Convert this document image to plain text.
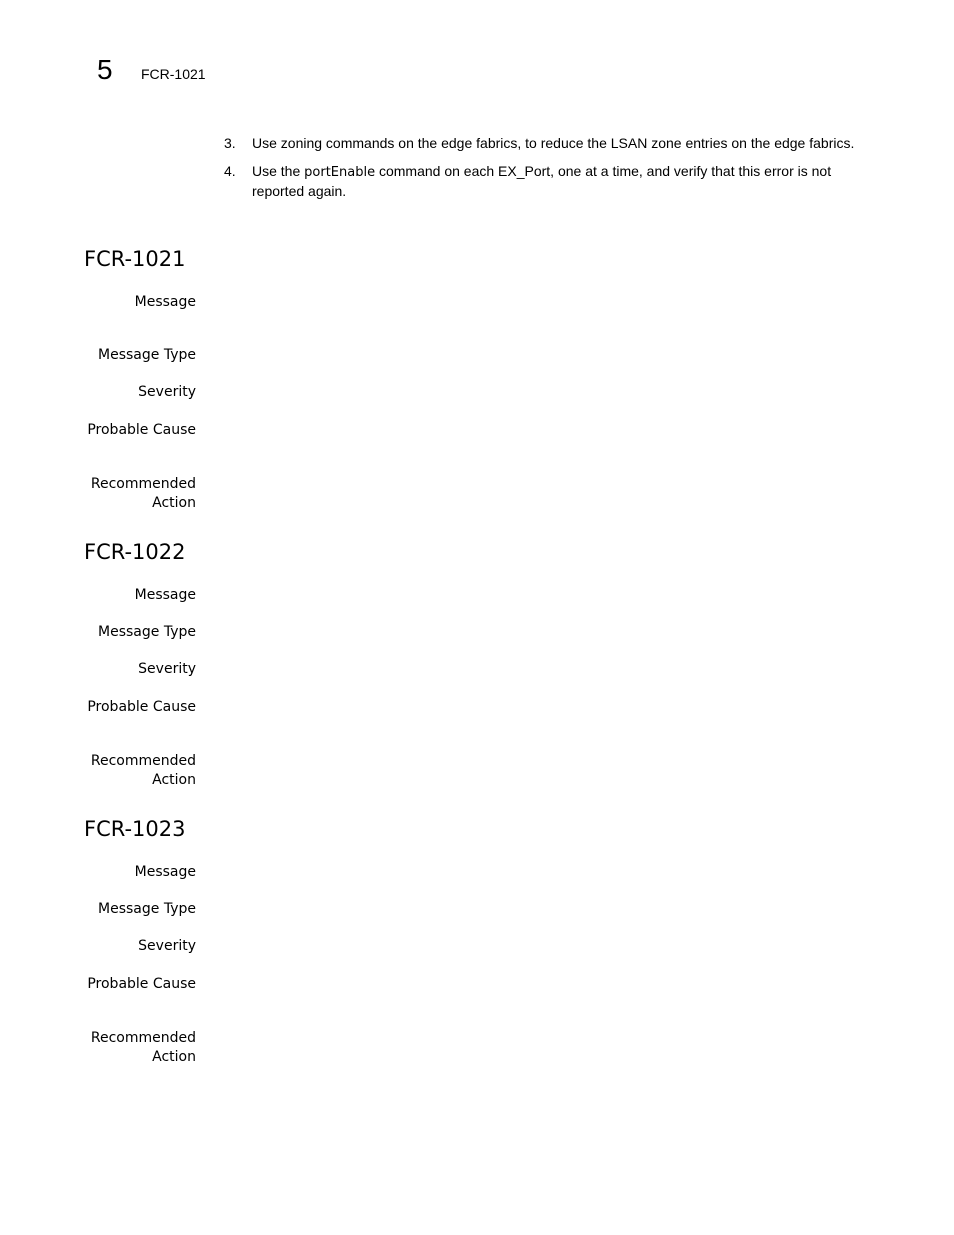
5 FCR-1021
3. Use zoning commands on the edge fabrics, to reduce the LSAN zone entries on the edge fabrics.
4. Use the portEnable command on each EX_Port, one at a time, and verify that this error is not reported again.
FCR-1021
Message
Message Type
Severity
Probable Cause
Recommended
Action
FCR-1022
Message
Message Type
Severity
Probable Cause
Recommended
Action
FCR-1023
Message
Message Type
Severity
Probable Cause
Recommended
Action
